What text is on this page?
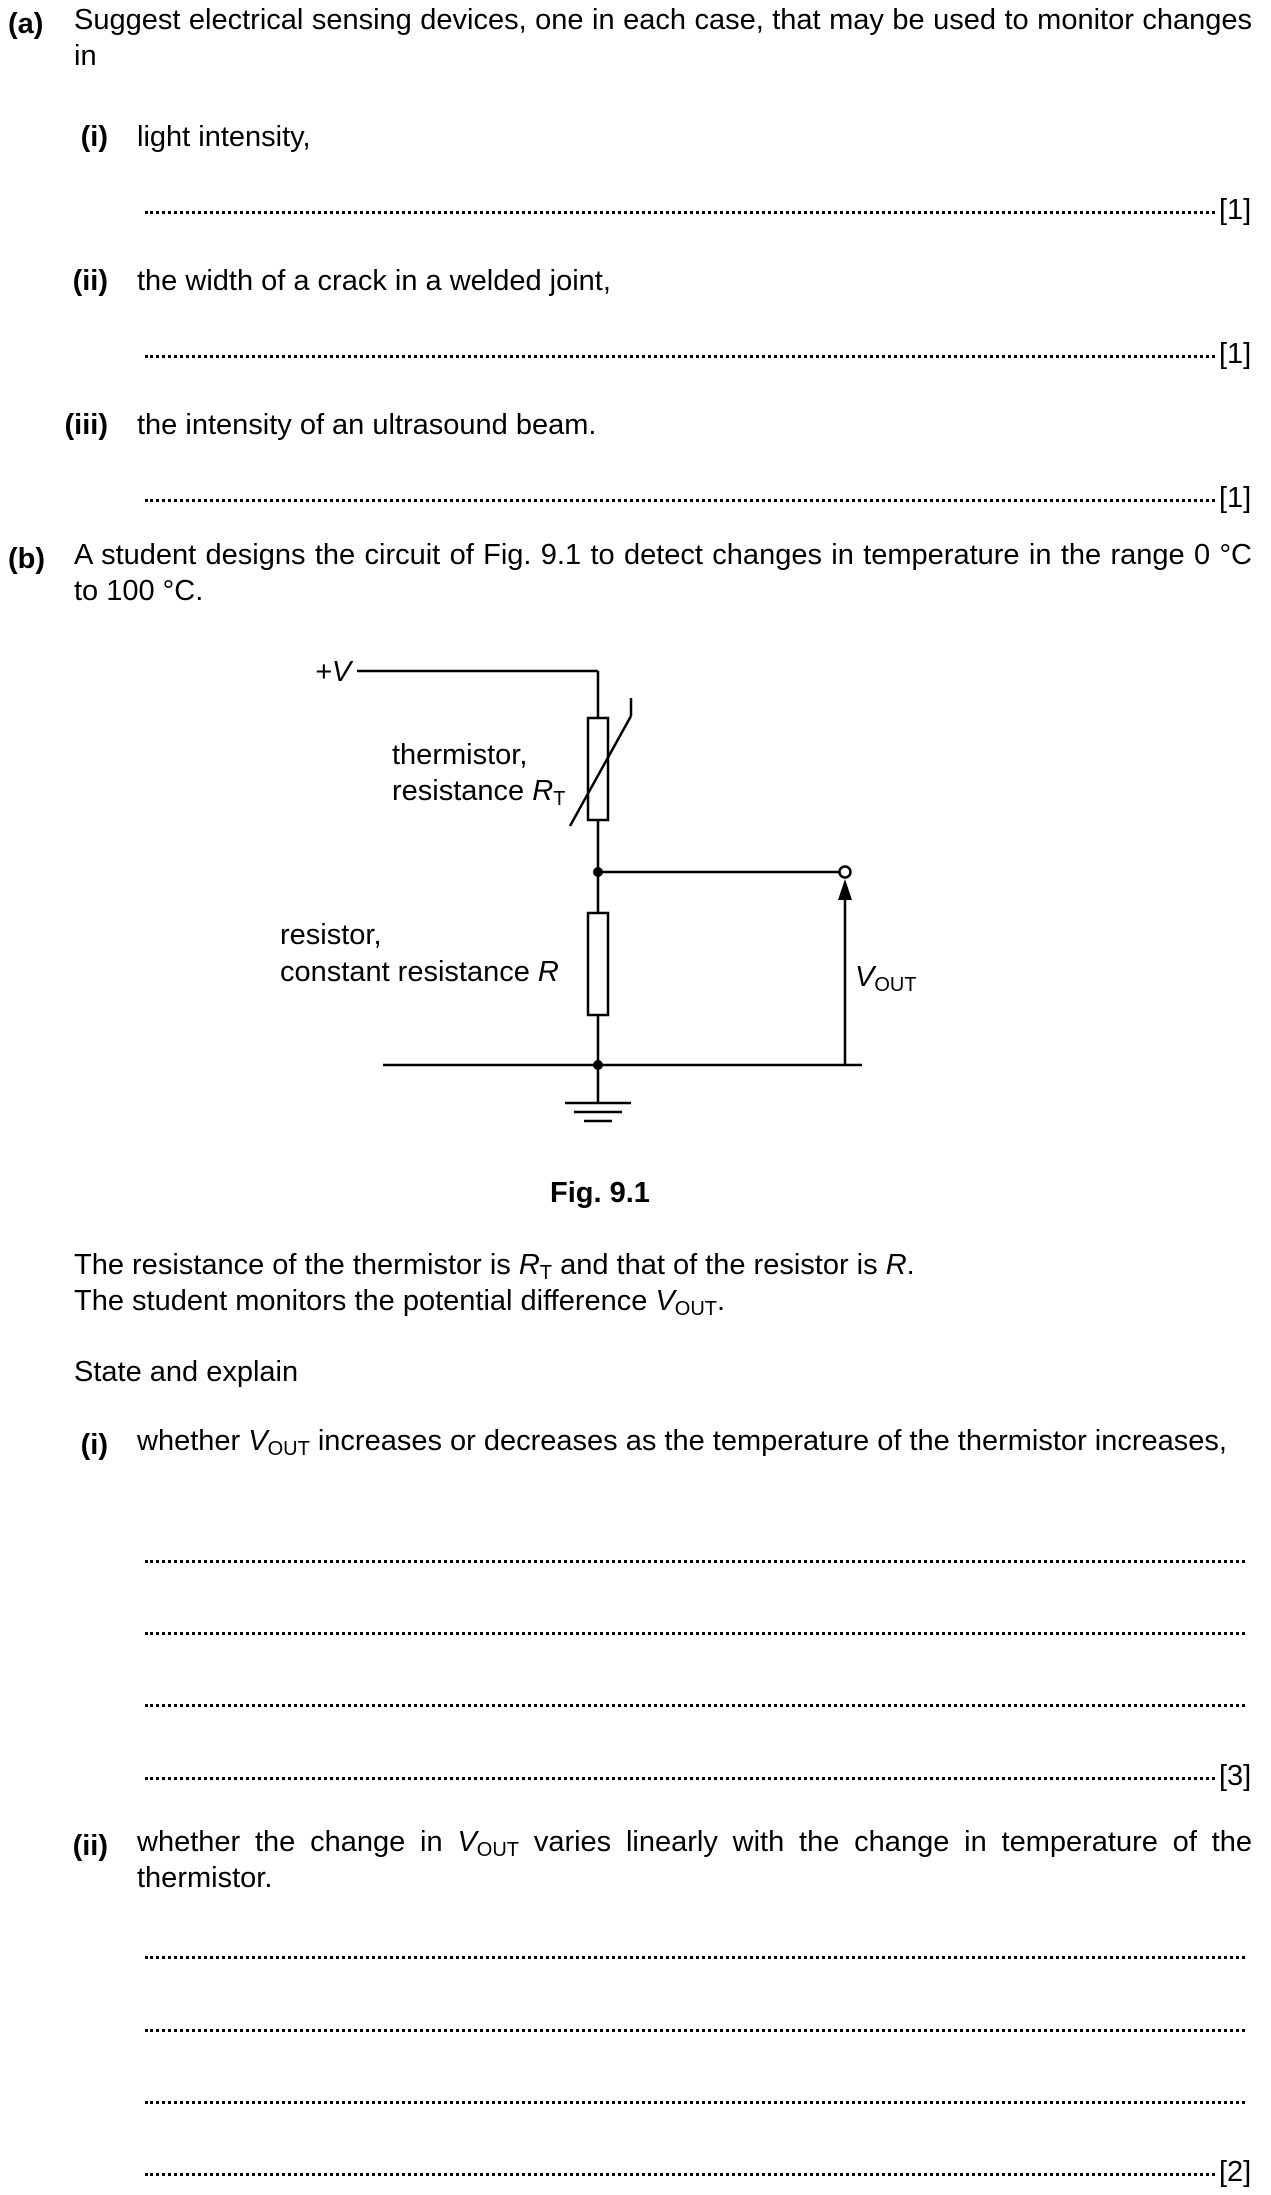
(a) Suggest electrical sensing devices, one in each case, that may be used to monitor changes in
(i) light intensity,
[1]
(ii) the width of a crack in a welded joint,
[1]
(iii) the intensity of an ultrasound beam.
[1]
(b) A student designs the circuit of Fig. 9.1 to detect changes in temperature in the range 0 °C to 100 °C.
+V
thermistor,
resistance $R_T$
resistor,
constant resistance R	$V_{OUT}$
Fig. 9.1
The resistance of the thermistor is $R_T$ and that of the resistor is R.
The student monitors the potential difference $V_{OUT}$.
State and explain
(i) whether $V_{OUT}$ increases or decreases as the temperature of the thermistor increases,
[3]
(ii) whether the change in $V_{OUT}$ varies linearly with the change in temperature of the thermistor.
[2]
